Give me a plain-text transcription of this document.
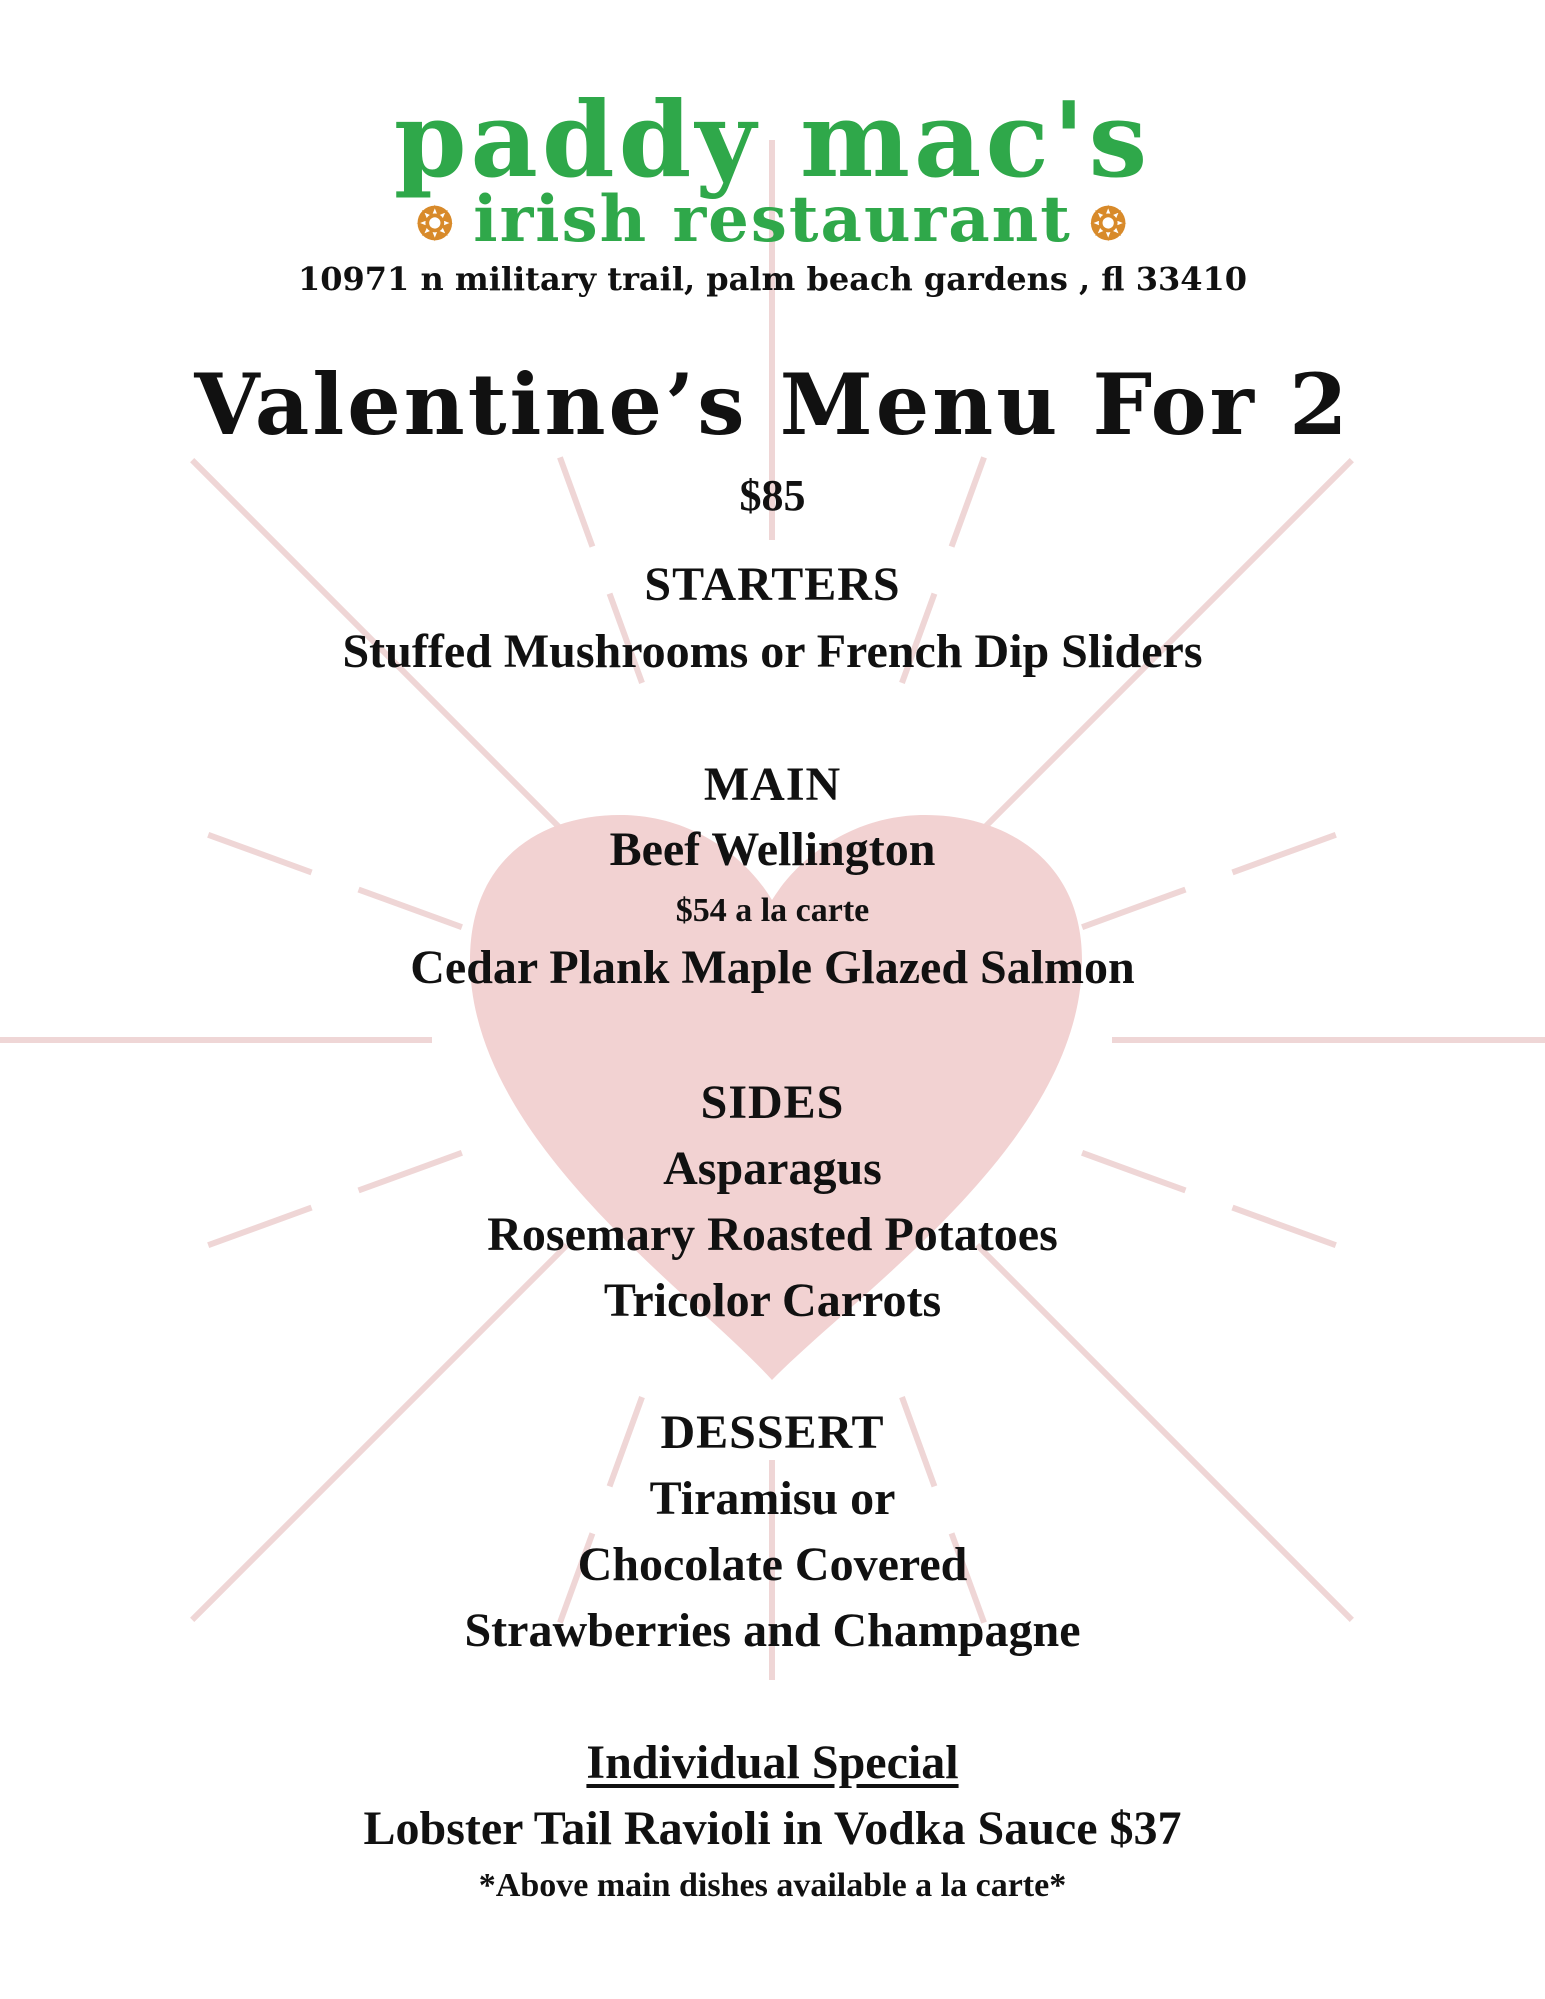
paddy mac's
❂ irish restaurant ❂
10971 n military trail, palm beach gardens , fl 33410
Valentine’s Menu For 2
$85
STARTERS
Stuffed Mushrooms or French Dip Sliders
MAIN
Beef Wellington
$54 a la carte
Cedar Plank Maple Glazed Salmon
SIDES
Asparagus
Rosemary Roasted Potatoes
Tricolor Carrots
DESSERT
Tiramisu or
Chocolate Covered
Strawberries and Champagne
Individual Special
Lobster Tail Ravioli in Vodka Sauce $37
*Above main dishes available a la carte*
